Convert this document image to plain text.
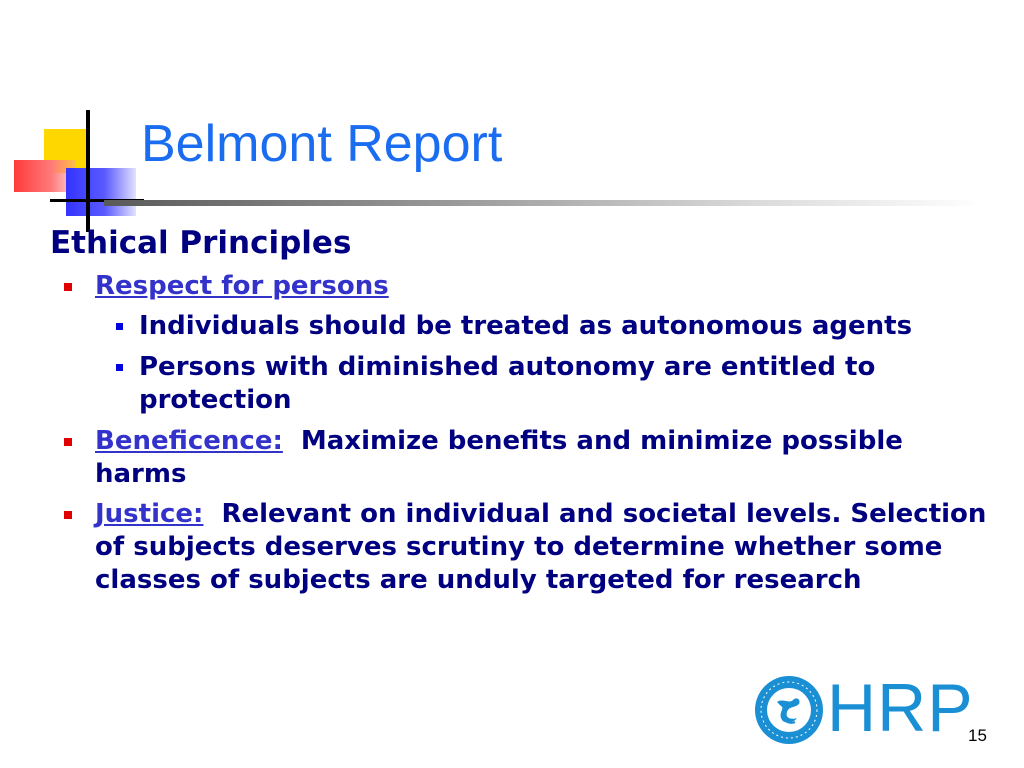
Belmont Report

Ethical Principles

Respect for persons
Individuals should be treated as autonomous agents
Persons with diminished autonomy are entitled to protection
Beneficence: Maximize benefits and minimize possible harms
Justice: Relevant on individual and societal levels. Selection of subjects deserves scrutiny to determine whether some classes of subjects are unduly targeted for research
HRP
15
